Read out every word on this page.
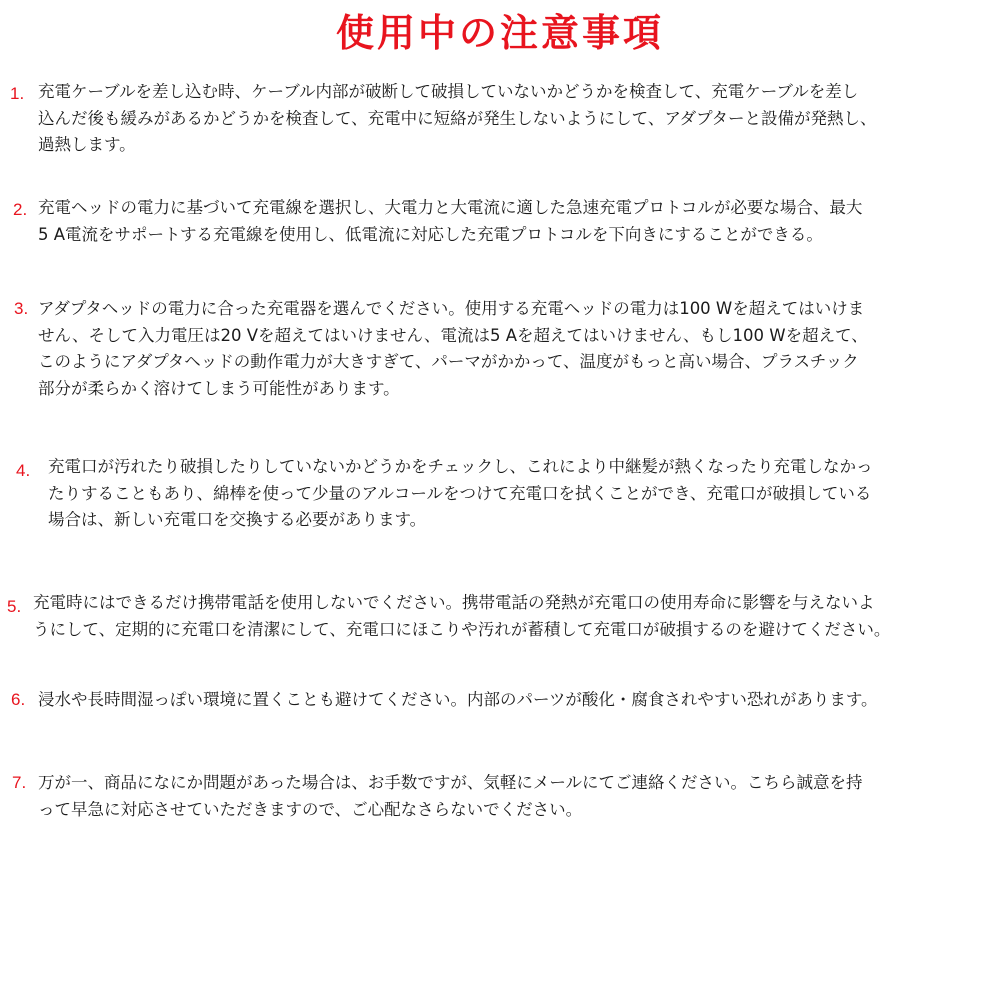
使用中の注意事項
1. 充電ケーブルを差し込む時、ケーブル内部が破断して破損していないかどうかを検査して、充電ケーブルを差し
込んだ後も緩みがあるかどうかを検査して、充電中に短絡が発生しないようにして、アダプターと設備が発熱し、
過熱します。
2. 充電ヘッドの電力に基づいて充電線を選択し、大電力と大電流に適した急速充電プロトコルが必要な場合、最大
5 A電流をサポートする充電線を使用し、低電流に対応した充電プロトコルを下向きにすることができる。
3. アダプタヘッドの電力に合った充電器を選んでください。使用する充電ヘッドの電力は100 Wを超えてはいけま
せん、そして入力電圧は20 Vを超えてはいけません、電流は5 Aを超えてはいけません、もし100 Wを超えて、
このようにアダプタヘッドの動作電力が大きすぎて、パーマがかかって、温度がもっと高い場合、プラスチック
部分が柔らかく溶けてしまう可能性があります。
4. 充電口が汚れたり破損したりしていないかどうかをチェックし、これにより中継髪が熱くなったり充電しなかっ
たりすることもあり、綿棒を使って少量のアルコールをつけて充電口を拭くことができ、充電口が破損している
場合は、新しい充電口を交換する必要があります。
5. 充電時にはできるだけ携帯電話を使用しないでください。携帯電話の発熱が充電口の使用寿命に影響を与えないよ
うにして、定期的に充電口を清潔にして、充電口にほこりや汚れが蓄積して充電口が破損するのを避けてください。
6. 浸水や長時間湿っぽい環境に置くことも避けてください。内部のパーツが酸化・腐食されやすい恐れがあります。
7. 万が一、商品になにか問題があった場合は、お手数ですが、気軽にメールにてご連絡ください。こちら誠意を持
って早急に対応させていただきますので、ご心配なさらないでください。
